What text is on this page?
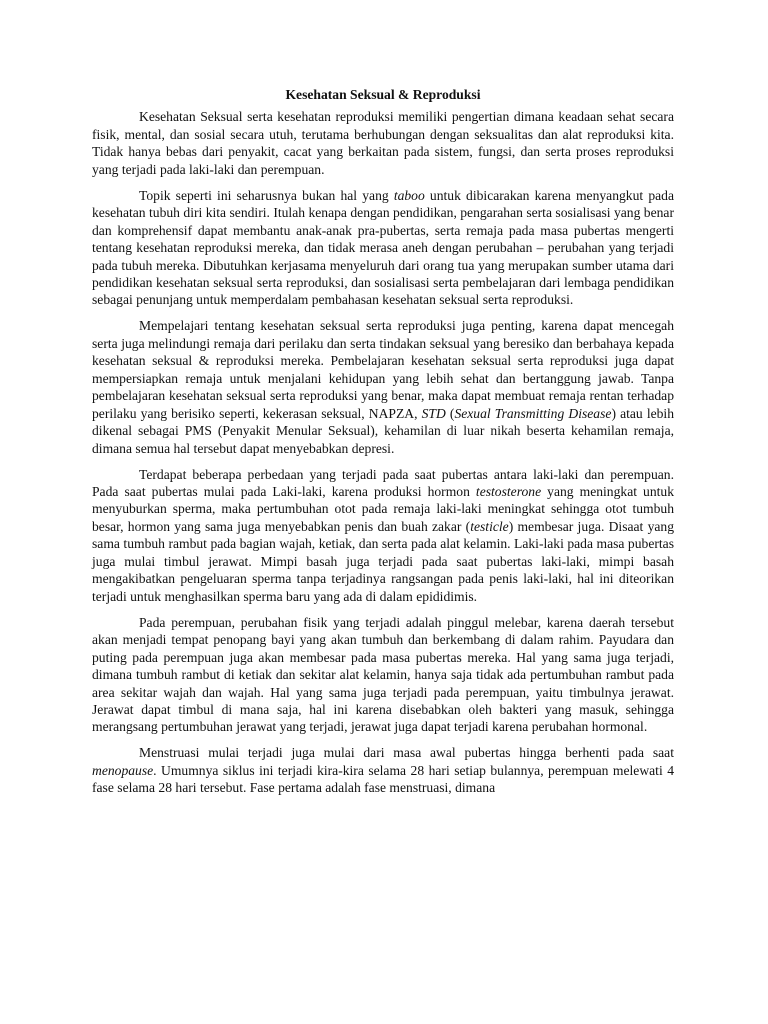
Kesehatan Seksual & Reproduksi

Kesehatan Seksual serta kesehatan reproduksi memiliki pengertian dimana keadaan sehat secara fisik, mental, dan sosial secara utuh, terutama berhubungan dengan seksualitas dan alat reproduksi kita. Tidak hanya bebas dari penyakit, cacat yang berkaitan pada sistem, fungsi, dan serta proses reproduksi yang terjadi pada laki-laki dan perempuan.

Topik seperti ini seharusnya bukan hal yang taboo untuk dibicarakan karena menyangkut pada kesehatan tubuh diri kita sendiri. Itulah kenapa dengan pendidikan, pengarahan serta sosialisasi yang benar dan komprehensif dapat membantu anak-anak pra-pubertas, serta remaja pada masa pubertas mengerti tentang kesehatan reproduksi mereka, dan tidak merasa aneh dengan perubahan – perubahan yang terjadi pada tubuh mereka. Dibutuhkan kerjasama menyeluruh dari orang tua yang merupakan sumber utama dari pendidikan kesehatan seksual serta reproduksi, dan sosialisasi serta pembelajaran dari lembaga pendidikan sebagai penunjang untuk memperdalam pembahasan kesehatan seksual serta reproduksi.

Mempelajari tentang kesehatan seksual serta reproduksi juga penting, karena dapat mencegah serta juga melindungi remaja dari perilaku dan serta tindakan seksual yang beresiko dan berbahaya kepada kesehatan seksual & reproduksi mereka. Pembelajaran kesehatan seksual serta reproduksi juga dapat mempersiapkan remaja untuk menjalani kehidupan yang lebih sehat dan bertanggung jawab. Tanpa pembelajaran kesehatan seksual serta reproduksi yang benar, maka dapat membuat remaja rentan terhadap perilaku yang berisiko seperti, kekerasan seksual, NAPZA, STD (Sexual Transmitting Disease) atau lebih dikenal sebagai PMS (Penyakit Menular Seksual), kehamilan di luar nikah beserta kehamilan remaja, dimana semua hal tersebut dapat menyebabkan depresi.

Terdapat beberapa perbedaan yang terjadi pada saat pubertas antara laki-laki dan perempuan. Pada saat pubertas mulai pada Laki-laki, karena produksi hormon testosterone yang meningkat untuk menyuburkan sperma, maka pertumbuhan otot pada remaja laki-laki meningkat sehingga otot tumbuh besar, hormon yang sama juga menyebabkan penis dan buah zakar (testicle) membesar juga. Disaat yang sama tumbuh rambut pada bagian wajah, ketiak, dan serta pada alat kelamin. Laki-laki pada masa pubertas juga mulai timbul jerawat. Mimpi basah juga terjadi pada saat pubertas laki-laki, mimpi basah mengakibatkan pengeluaran sperma tanpa terjadinya rangsangan pada penis laki-laki, hal ini diteorikan terjadi untuk menghasilkan sperma baru yang ada di dalam epididimis.

Pada perempuan, perubahan fisik yang terjadi adalah pinggul melebar, karena daerah tersebut akan menjadi tempat penopang bayi yang akan tumbuh dan berkembang di dalam rahim. Payudara dan puting pada perempuan juga akan membesar pada masa pubertas mereka. Hal yang sama juga terjadi, dimana tumbuh rambut di ketiak dan sekitar alat kelamin, hanya saja tidak ada pertumbuhan rambut pada area sekitar wajah dan wajah. Hal yang sama juga terjadi pada perempuan, yaitu timbulnya jerawat. Jerawat dapat timbul di mana saja, hal ini karena disebabkan oleh bakteri yang masuk, sehingga merangsang pertumbuhan jerawat yang terjadi, jerawat juga dapat terjadi karena perubahan hormonal.

Menstruasi mulai terjadi juga mulai dari masa awal pubertas hingga berhenti pada saat menopause. Umumnya siklus ini terjadi kira-kira selama 28 hari setiap bulannya, perempuan melewati 4 fase selama 28 hari tersebut. Fase pertama adalah fase menstruasi, dimana
